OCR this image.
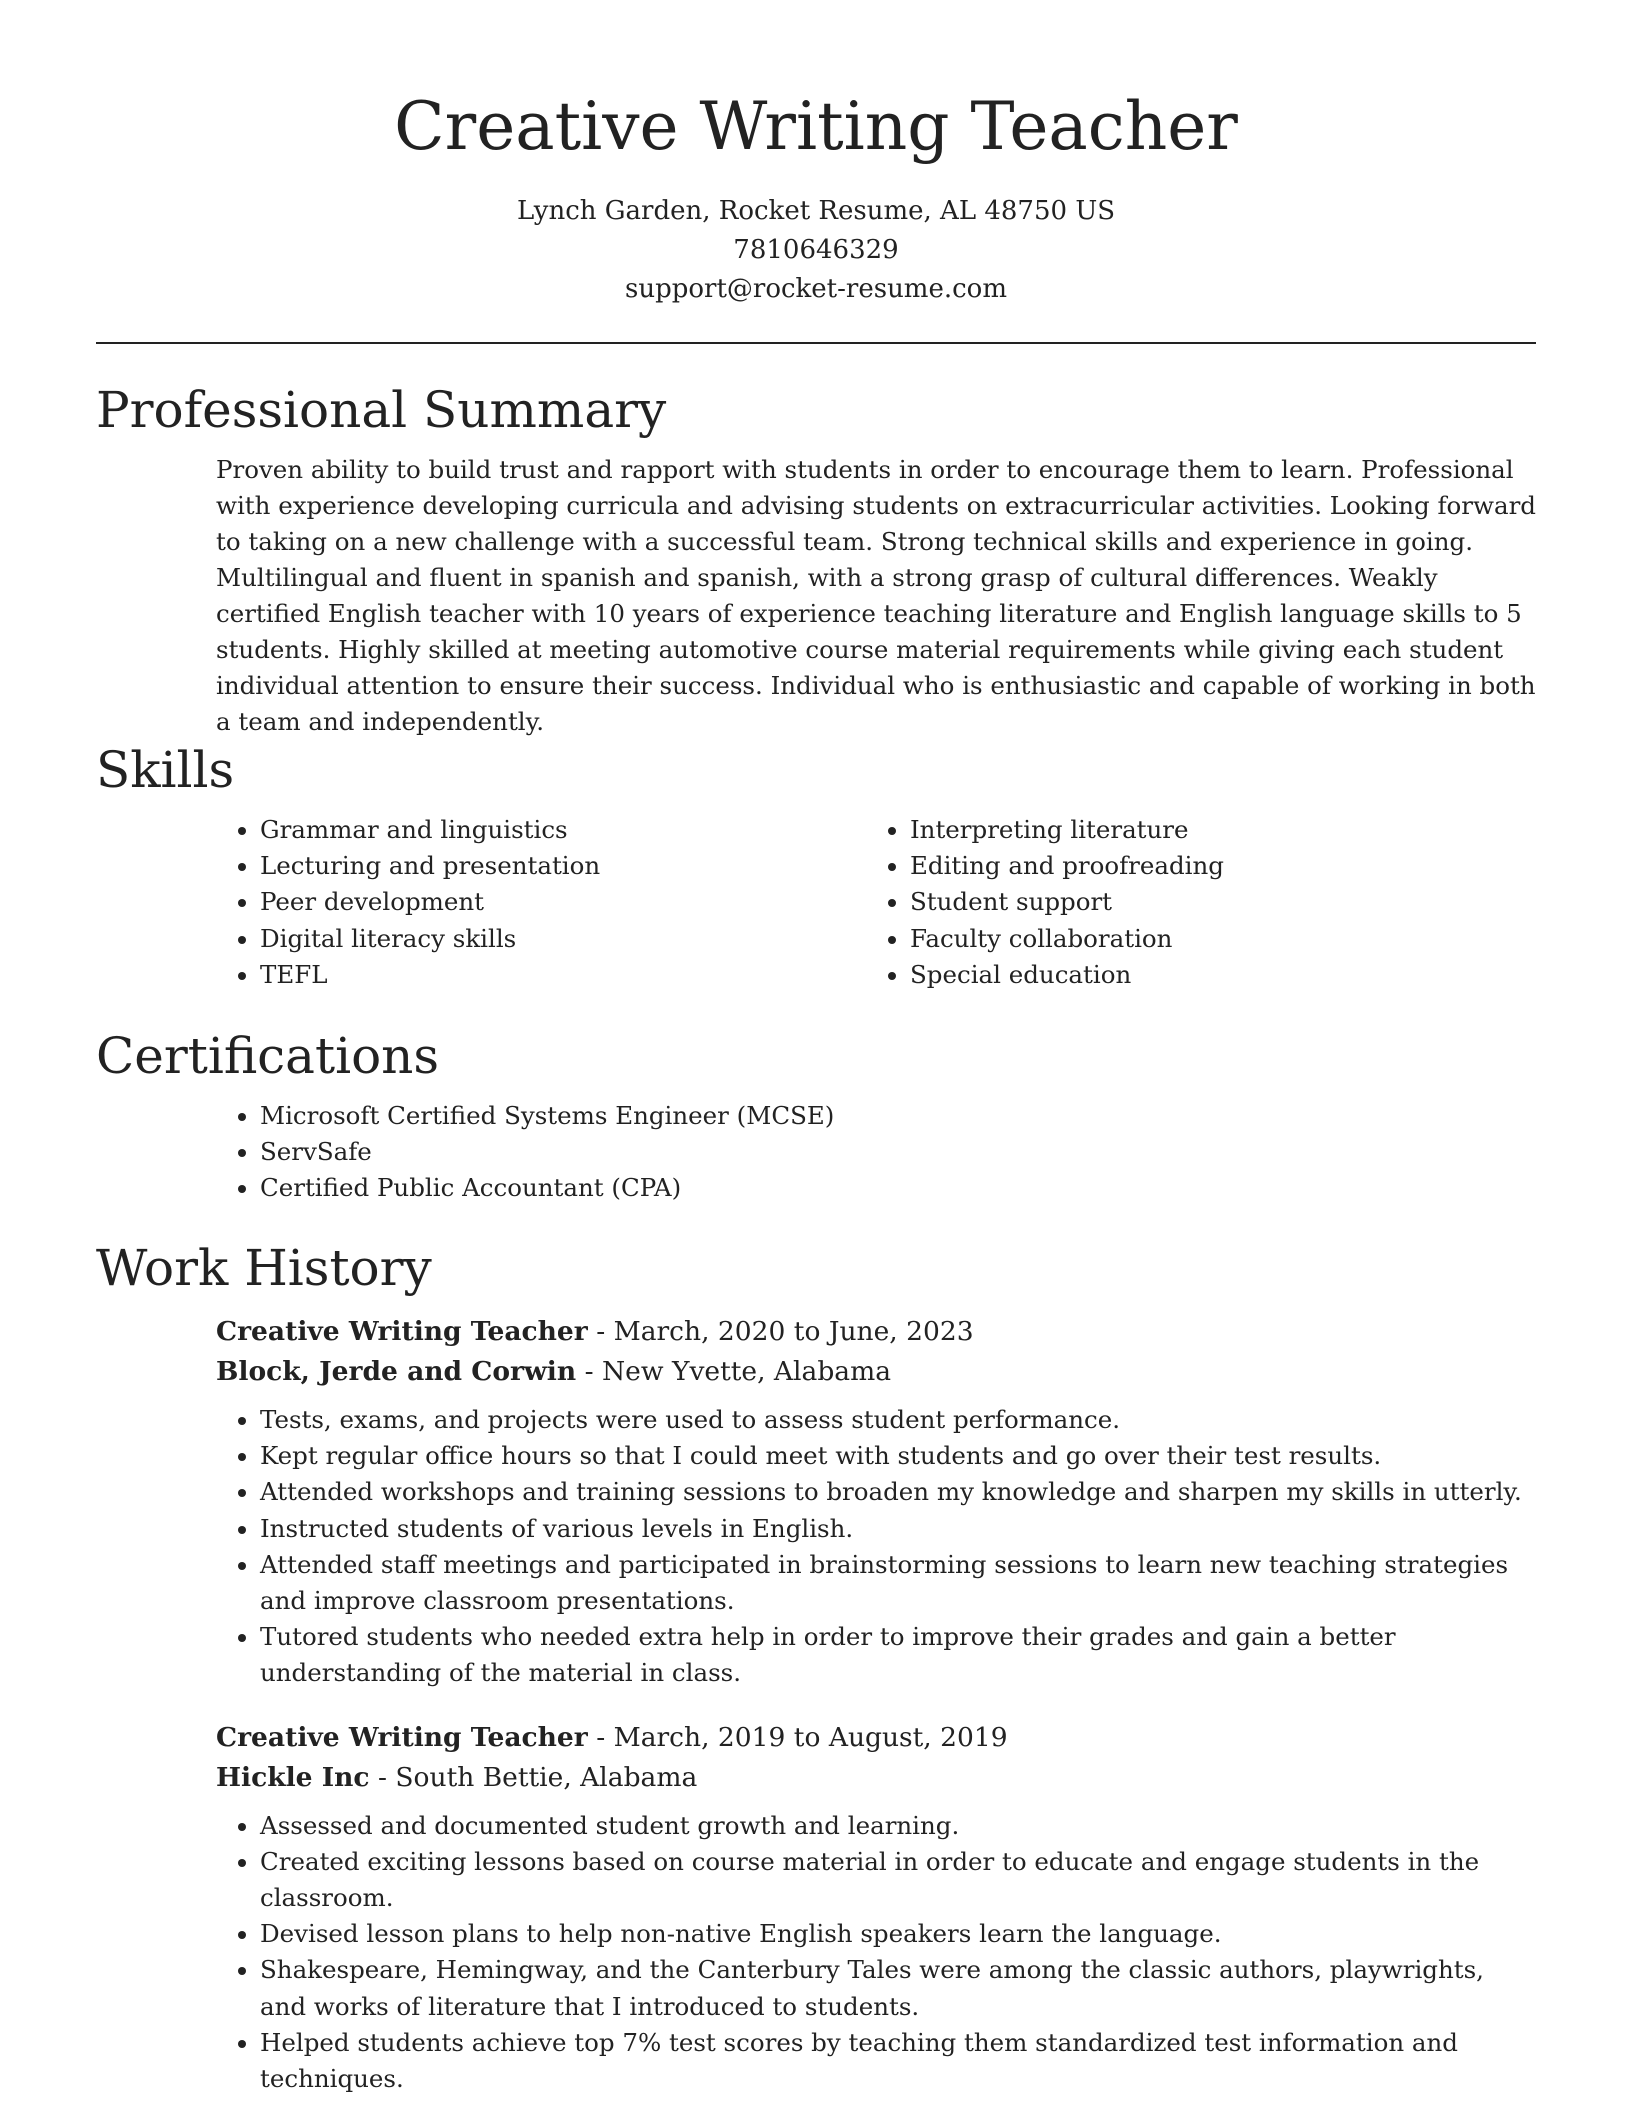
Creative Writing Teacher
Lynch Garden, Rocket Resume, AL 48750 US
7810646329
support@rocket-resume.com
Professional Summary

Proven ability to build trust and rapport with students in order to encourage them to learn. Professional with experience developing curricula and advising students on extracurricular activities. Looking forward to taking on a new challenge with a successful team. Strong technical skills and experience in going. Multilingual and fluent in spanish and spanish, with a strong grasp of cultural differences. Weakly certified English teacher with 10 years of experience teaching literature and English language skills to 5 students. Highly skilled at meeting automotive course material requirements while giving each student individual attention to ensure their success. Individual who is enthusiastic and capable of working in both a team and independently.

Skills
• Grammar and linguistics
• Lecturing and presentation
• Peer development
• Digital literacy skills
• TEFL
• Interpreting literature
• Editing and proofreading
• Student support
• Faculty collaboration
• Special education
Certifications
• Microsoft Certified Systems Engineer (MCSE)
• ServSafe
• Certified Public Accountant (CPA)
Work History
Creative Writing Teacher - March, 2020 to June, 2023
Block, Jerde and Corwin - New Yvette, Alabama
• Tests, exams, and projects were used to assess student performance.
• Kept regular office hours so that I could meet with students and go over their test results.
• Attended workshops and training sessions to broaden my knowledge and sharpen my skills in utterly.
• Instructed students of various levels in English.
• Attended staff meetings and participated in brainstorming sessions to learn new teaching strategies and improve classroom presentations.
• Tutored students who needed extra help in order to improve their grades and gain a better understanding of the material in class.
Creative Writing Teacher - March, 2019 to August, 2019
Hickle Inc - South Bettie, Alabama
• Assessed and documented student growth and learning.
• Created exciting lessons based on course material in order to educate and engage students in the classroom.
• Devised lesson plans to help non-native English speakers learn the language.
• Shakespeare, Hemingway, and the Canterbury Tales were among the classic authors, playwrights, and works of literature that I introduced to students.
• Helped students achieve top 7% test scores by teaching them standardized test information and techniques.
